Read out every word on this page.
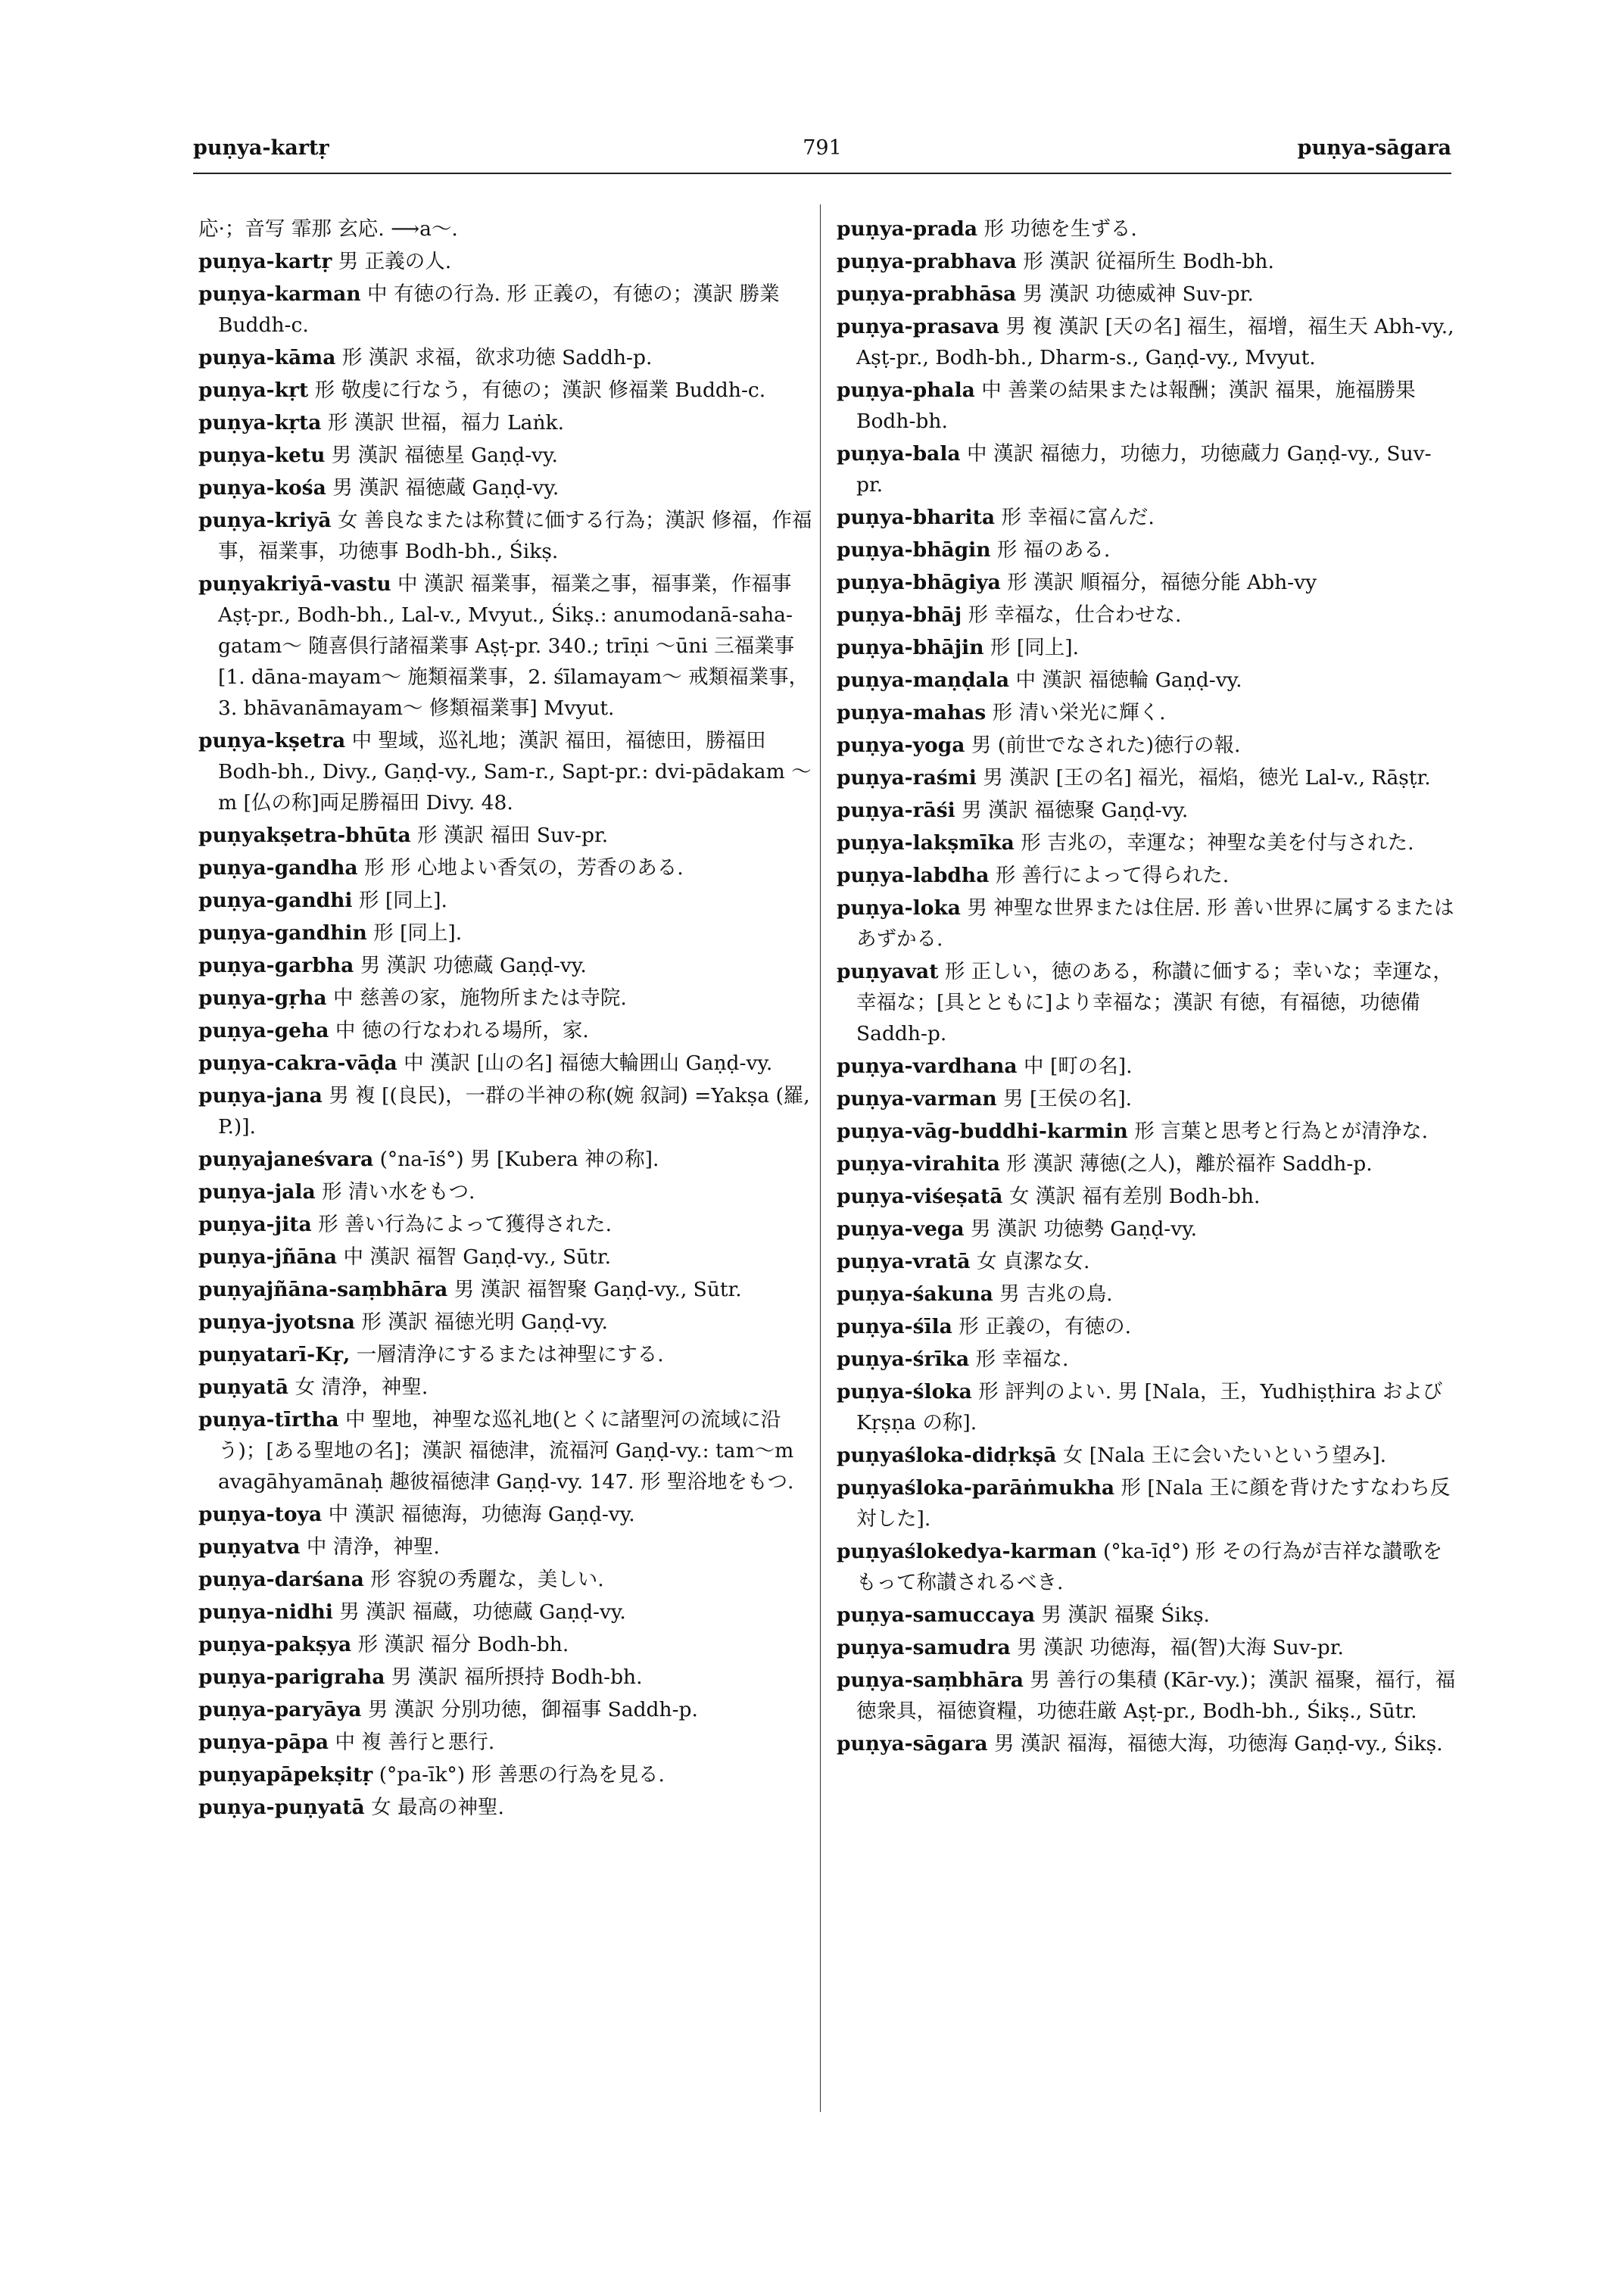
puṇya-kartṛ	791	puṇya-sāgara

応·；音写 霏那 玄応. ⟶a〜.

puṇya-kartṛ 男 正義の人.

puṇya-karman 中 有徳の行為. 形 正義の，有徳の；漢訳 勝業 Buddh-c.

puṇya-kāma 形 漢訳 求福，欲求功徳 Saddh-p.

puṇya-kṛt 形 敬虔に行なう，有徳の；漢訳 修福業 Buddh-c.

puṇya-kṛta 形 漢訳 世福，福力 Laṅk.

puṇya-ketu 男 漢訳 福徳星 Gaṇḍ-vy.

puṇya-kośa 男 漢訳 福徳蔵 Gaṇḍ-vy.

puṇya-kriyā 女 善良なまたは称賛に価する行為；漢訳 修福，作福事，福業事，功徳事 Bodh-bh., Śikṣ.

puṇyakriyā-vastu 中 漢訳 福業事，福業之事，福事業，作福事 Aṣṭ-pr., Bodh-bh., Lal-v., Mvyut., Śikṣ.: anumodanā-saha-gatam〜 随喜倶行諸福業事 Aṣṭ-pr. 340.; trīṇi 〜ūni 三福業事 [1. dāna-mayam〜 施類福業事，2. śīlamayam〜 戒類福業事，3. bhāvanāmayam〜 修類福業事] Mvyut.

puṇya-kṣetra 中 聖域，巡礼地；漢訳 福田，福徳田，勝福田 Bodh-bh., Divy., Gaṇḍ-vy., Sam-r., Sapt-pr.: dvi-pādakam 〜m [仏の称]両足勝福田 Divy. 48.

puṇyakṣetra-bhūta 形 漢訳 福田 Suv-pr.

puṇya-gandha 形 形 心地よい香気の，芳香のある.

puṇya-gandhi 形 [同上].

puṇya-gandhin 形 [同上].

puṇya-garbha 男 漢訳 功徳蔵 Gaṇḍ-vy.

puṇya-gṛha 中 慈善の家，施物所または寺院.

puṇya-geha 中 徳の行なわれる場所，家.

puṇya-cakra-vāḍa 中 漢訳 [山の名] 福徳大輪囲山 Gaṇḍ-vy.

puṇya-jana 男 複 [(良民)，一群の半神の称(婉 叙詞) =Yakṣa (羅, P.)].

puṇyajaneśvara (°na-īś°) 男 [Kubera 神の称].

puṇya-jala 形 清い水をもつ.

puṇya-jita 形 善い行為によって獲得された.

puṇya-jñāna 中 漢訳 福智 Gaṇḍ-vy., Sūtr.

puṇyajñāna-saṃbhāra 男 漢訳 福智聚 Gaṇḍ-vy., Sūtr.

puṇya-jyotsna 形 漢訳 福徳光明 Gaṇḍ-vy.

puṇyatarī-Kṛ, 一層清浄にするまたは神聖にする.

puṇyatā 女 清浄，神聖.

puṇya-tīrtha 中 聖地，神聖な巡礼地(とくに諸聖河の流域に沿う)；[ある聖地の名]；漢訳 福徳津，流福河 Gaṇḍ-vy.: tam〜m avagāhyamānaḥ 趣彼福徳津 Gaṇḍ-vy. 147. 形 聖浴地をもつ.

puṇya-toya 中 漢訳 福徳海，功徳海 Gaṇḍ-vy.

puṇyatva 中 清浄，神聖.

puṇya-darśana 形 容貌の秀麗な，美しい.

puṇya-nidhi 男 漢訳 福蔵，功徳蔵 Gaṇḍ-vy.

puṇya-pakṣya 形 漢訳 福分 Bodh-bh.

puṇya-parigraha 男 漢訳 福所摂持 Bodh-bh.

puṇya-paryāya 男 漢訳 分別功徳，御福事 Saddh-p.

puṇya-pāpa 中 複 善行と悪行.

puṇyapāpekṣitṛ (°pa-īk°) 形 善悪の行為を見る.

puṇya-puṇyatā 女 最高の神聖.

puṇya-prada 形 功徳を生ずる.

puṇya-prabhava 形 漢訳 従福所生 Bodh-bh.

puṇya-prabhāsa 男 漢訳 功徳威神 Suv-pr.

puṇya-prasava 男 複 漢訳 [天の名] 福生，福增，福生天 Abh-vy., Aṣṭ-pr., Bodh-bh., Dharm-s., Gaṇḍ-vy., Mvyut.

puṇya-phala 中 善業の結果または報酬；漢訳 福果，施福勝果 Bodh-bh.

puṇya-bala 中 漢訳 福徳力，功徳力，功徳蔵力 Gaṇḍ-vy., Suv-pr.

puṇya-bharita 形 幸福に富んだ.

puṇya-bhāgin 形 福のある.

puṇya-bhāgiya 形 漢訳 順福分，福徳分能 Abh-vy

puṇya-bhāj 形 幸福な，仕合わせな.

puṇya-bhājin 形 [同上].

puṇya-maṇḍala 中 漢訳 福徳輪 Gaṇḍ-vy.

puṇya-mahas 形 清い栄光に輝く.

puṇya-yoga 男 (前世でなされた)徳行の報.

puṇya-raśmi 男 漢訳 [王の名] 福光，福焰，徳光 Lal-v., Rāṣṭr.

puṇya-rāśi 男 漢訳 福徳聚 Gaṇḍ-vy.

puṇya-lakṣmīka 形 吉兆の，幸運な；神聖な美を付与された.

puṇya-labdha 形 善行によって得られた.

puṇya-loka 男 神聖な世界または住居. 形 善い世界に属するまたはあずかる.

puṇyavat 形 正しい，徳のある，称讃に価する；幸いな；幸運な，幸福な；[具とともに]より幸福な；漢訳 有徳，有福徳，功徳備 Saddh-p.

puṇya-vardhana 中 [町の名].

puṇya-varman 男 [王侯の名].

puṇya-vāg-buddhi-karmin 形 言葉と思考と行為とが清浄な.

puṇya-virahita 形 漢訳 薄徳(之人)，離於福祚 Saddh-p.

puṇya-viśeṣatā 女 漢訳 福有差別 Bodh-bh.

puṇya-vega 男 漢訳 功徳勢 Gaṇḍ-vy.

puṇya-vratā 女 貞潔な女.

puṇya-śakuna 男 吉兆の鳥.

puṇya-śīla 形 正義の，有徳の.

puṇya-śrīka 形 幸福な.

puṇya-śloka 形 評判のよい. 男 [Nala，王，Yudhiṣṭhira および Kṛṣṇa の称].

puṇyaśloka-didṛkṣā 女 [Nala 王に会いたいという望み].

puṇyaśloka-parāṅmukha 形 [Nala 王に顔を背けたすなわち反対した].

puṇyaślokedya-karman (°ka-īḍ°) 形 その行為が吉祥な讃歌をもって称讃されるべき.

puṇya-samuccaya 男 漢訳 福聚 Śikṣ.

puṇya-samudra 男 漢訳 功徳海，福(智)大海 Suv-pr.

puṇya-saṃbhāra 男 善行の集積 (Kār-vy.)；漢訳 福聚，福行，福徳衆具，福徳資糧，功徳荘厳 Aṣṭ-pr., Bodh-bh., Śikṣ., Sūtr.

puṇya-sāgara 男 漢訳 福海，福徳大海，功徳海 Gaṇḍ-vy., Śikṣ.
